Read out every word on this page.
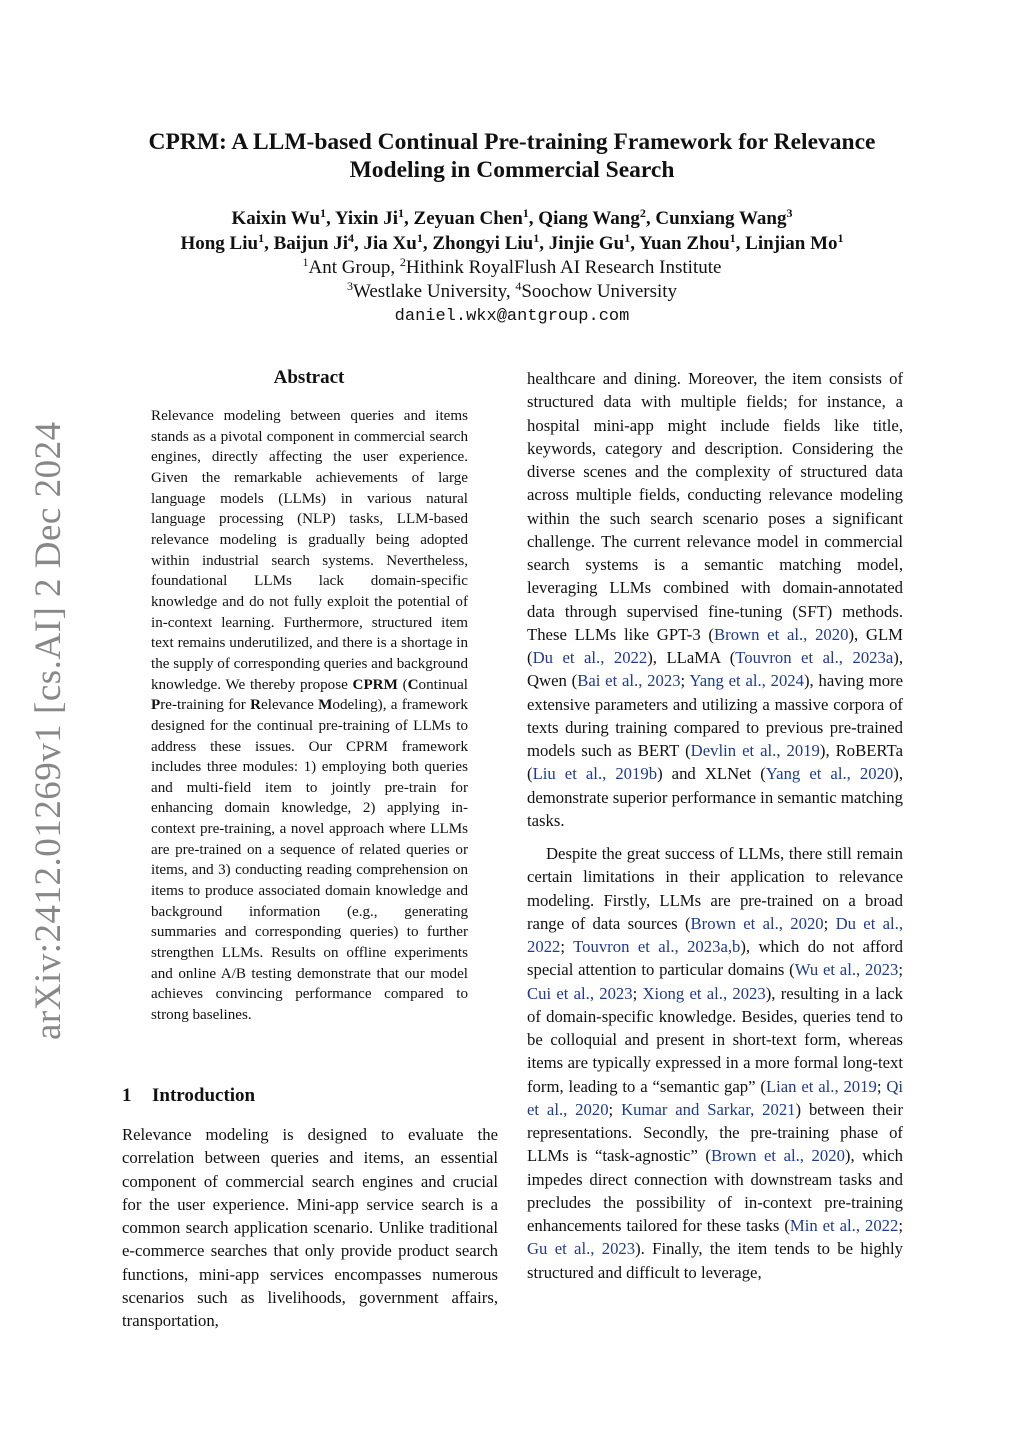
CPRM: A LLM-based Continual Pre-training Framework for Relevance
Modeling in Commercial Search
Kaixin Wu$^1$, Yixin Ji$^1$, Zeyuan Chen$^1$, Qiang Wang$^2$, Cunxiang Wang$^3$
Hong Liu$^1$, Baijun Ji$^4$, Jia Xu$^1$, Zhongyi Liu$^1$, Jinjie Gu$^1$, Yuan Zhou$^1$, Linjian Mo$^1$
$^1$Ant Group, $^2$Hithink RoyalFlush AI Research Institute
$^3$Westlake University, $^4$Soochow University
daniel.wkx@antgroup.com
arXiv:2412.01269v1 [cs.AI] 2 Dec 2024
Abstract
Relevance modeling between queries and items stands as a pivotal component in commercial search engines, directly affecting the user experience. Given the remarkable achievements of large language models (LLMs) in various natural language processing (NLP) tasks, LLM-based relevance modeling is gradually being adopted within industrial search systems. Nevertheless, foundational LLMs lack domain-specific knowledge and do not fully exploit the potential of in-context learning. Furthermore, structured item text remains underutilized, and there is a shortage in the supply of corresponding queries and background knowledge. We thereby propose CPRM (Continual Pre-training for Relevance Modeling), a framework designed for the continual pre-training of LLMs to address these issues. Our CPRM framework includes three modules: 1) employing both queries and multi-field item to jointly pre-train for enhancing domain knowledge, 2) applying in-context pre-training, a novel approach where LLMs are pre-trained on a sequence of related queries or items, and 3) conducting reading comprehension on items to produce associated domain knowledge and background information (e.g., generating summaries and corresponding queries) to further strengthen LLMs. Results on offline experiments and online A/B testing demonstrate that our model achieves convincing performance compared to strong baselines.
1 Introduction

Relevance modeling is designed to evaluate the correlation between queries and items, an essential component of commercial search engines and crucial for the user experience. Mini-app service search is a common search application scenario. Unlike traditional e-commerce searches that only provide product search functions, mini-app services encompasses numerous scenarios such as livelihoods, government affairs, transportation,

healthcare and dining. Moreover, the item consists of structured data with multiple fields; for instance, a hospital mini-app might include fields like title, keywords, category and description. Considering the diverse scenes and the complexity of structured data across multiple fields, conducting relevance modeling within the such search scenario poses a significant challenge. The current relevance model in commercial search systems is a semantic matching model, leveraging LLMs combined with domain-annotated data through supervised fine-tuning (SFT) methods. These LLMs like GPT-3 (Brown et al., 2020), GLM (Du et al., 2022), LLaMA (Touvron et al., 2023a), Qwen (Bai et al., 2023; Yang et al., 2024), having more extensive parameters and utilizing a massive corpora of texts during training compared to previous pre-trained models such as BERT (Devlin et al., 2019), RoBERTa (Liu et al., 2019b) and XLNet (Yang et al., 2020), demonstrate superior performance in semantic matching tasks.

Despite the great success of LLMs, there still remain certain limitations in their application to relevance modeling. Firstly, LLMs are pre-trained on a broad range of data sources (Brown et al., 2020; Du et al., 2022; Touvron et al., 2023a,b), which do not afford special attention to particular domains (Wu et al., 2023; Cui et al., 2023; Xiong et al., 2023), resulting in a lack of domain-specific knowledge. Besides, queries tend to be colloquial and present in short-text form, whereas items are typically expressed in a more formal long-text form, leading to a “semantic gap” (Lian et al., 2019; Qi et al., 2020; Kumar and Sarkar, 2021) between their representations. Secondly, the pre-training phase of LLMs is “task-agnostic” (Brown et al., 2020), which impedes direct connection with downstream tasks and precludes the possibility of in-context pre-training enhancements tailored for these tasks (Min et al., 2022; Gu et al., 2023). Finally, the item tends to be highly structured and difficult to leverage,
